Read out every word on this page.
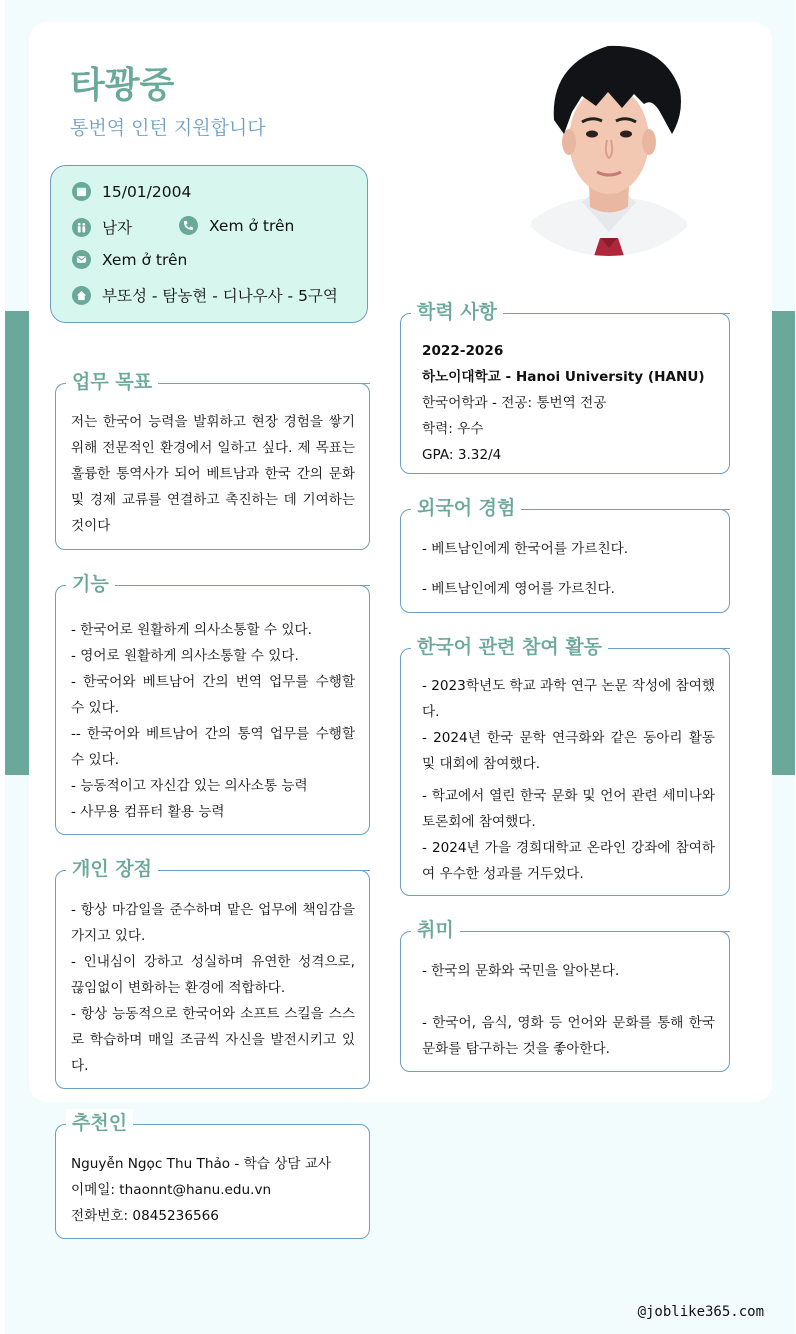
타꽝중
통번역 인턴 지원합니다
15/01/2004
남자	Xem ở trên
Xem ở trên
부또성 - 탐농현 - 디나우사 - 5구역
업무 목표

저는 한국어 능력을 발휘하고 현장 경험을 쌓기 위해 전문적인 환경에서 일하고 싶다. 제 목표는 훌륭한 통역사가 되어 베트남과 한국 간의 문화 및 경제 교류를 연결하고 촉진하는 데 기여하는 것이다

기능

- 한국어로 원활하게 의사소통할 수 있다.

- 영어로 원활하게 의사소통할 수 있다.

- 한국어와 베트남어 간의 번역 업무를 수행할 수 있다.

-- 한국어와 베트남어 간의 통역 업무를 수행할 수 있다.

- 능동적이고 자신감 있는 의사소통 능력

- 사무용 컴퓨터 활용 능력

개인 장점

- 항상 마감일을 준수하며 맡은 업무에 책임감을 가지고 있다.

- 인내심이 강하고 성실하며 유연한 성격으로, 끊임없이 변화하는 환경에 적합하다.

- 항상 능동적으로 한국어와 소프트 스킬을 스스로 학습하며 매일 조금씩 자신을 발전시키고 있다.

추천인

Nguyễn Ngọc Thu Thảo - 학습 상담 교사

이메일: thaonnt@hanu.edu.vn

전화번호: 0845236566

학력 사항

2022-2026

하노이대학교 - Hanoi University (HANU)

한국어학과 - 전공: 통번역 전공

학력: 우수

GPA: 3.32/4

외국어 경험

- 베트남인에게 한국어를 가르친다.

- 베트남인에게 영어를 가르친다.

한국어 관련 참여 활동

- 2023학년도 학교 과학 연구 논문 작성에 참여했다.

- 2024년 한국 문학 연극화와 같은 동아리 활동 및 대회에 참여했다.

- 학교에서 열린 한국 문화 및 언어 관련 세미나와 토론회에 참여했다.

- 2024년 가을 경희대학교 온라인 강좌에 참여하여 우수한 성과를 거두었다.

취미

- 한국의 문화와 국민을 알아본다.

- 한국어, 음식, 영화 등 언어와 문화를 통해 한국 문화를 탐구하는 것을 좋아한다.

@joblike365.com
